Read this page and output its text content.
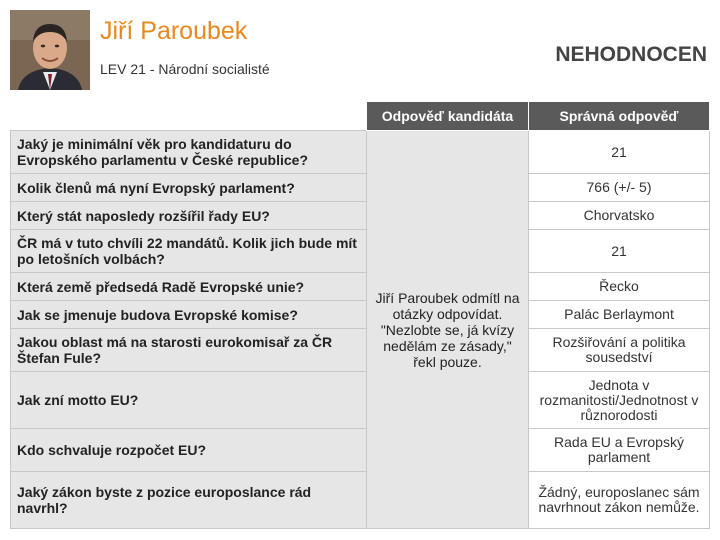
Jiří Paroubek
LEV 21 - Národní socialisté
NEHODNOCEN
	Odpověď kandidáta	Správná odpověď
Jaký je minimální věk pro kandidaturu do Evropského parlamentu v České republice?	Jiří Paroubek odmítl na otázky odpovídat. "Nezlobte se, já kvízy nedělám ze zásady," řekl pouze.	21
Kolik členů má nyní Evropský parlament?		766 (+/- 5)
Který stát naposledy rozšířil řady EU?		Chorvatsko
ČR má v tuto chvíli 22 mandátů. Kolik jich bude mít po letošních volbách?		21
Která země předsedá Radě Evropské unie?		Řecko
Jak se jmenuje budova Evropské komise?		Palác Berlaymont
Jakou oblast má na starosti eurokomisař za ČR Štefan Fule?		Rozšiřování a politika sousedství
Jak zní motto EU?		Jednota v rozmanitosti/Jednotnost v různorodosti
Kdo schvaluje rozpočet EU?		Rada EU a Evropský parlament
Jaký zákon byste z pozice europoslance rád navrhl?		Žádný, europoslanec sám navrhnout zákon nemůže.
